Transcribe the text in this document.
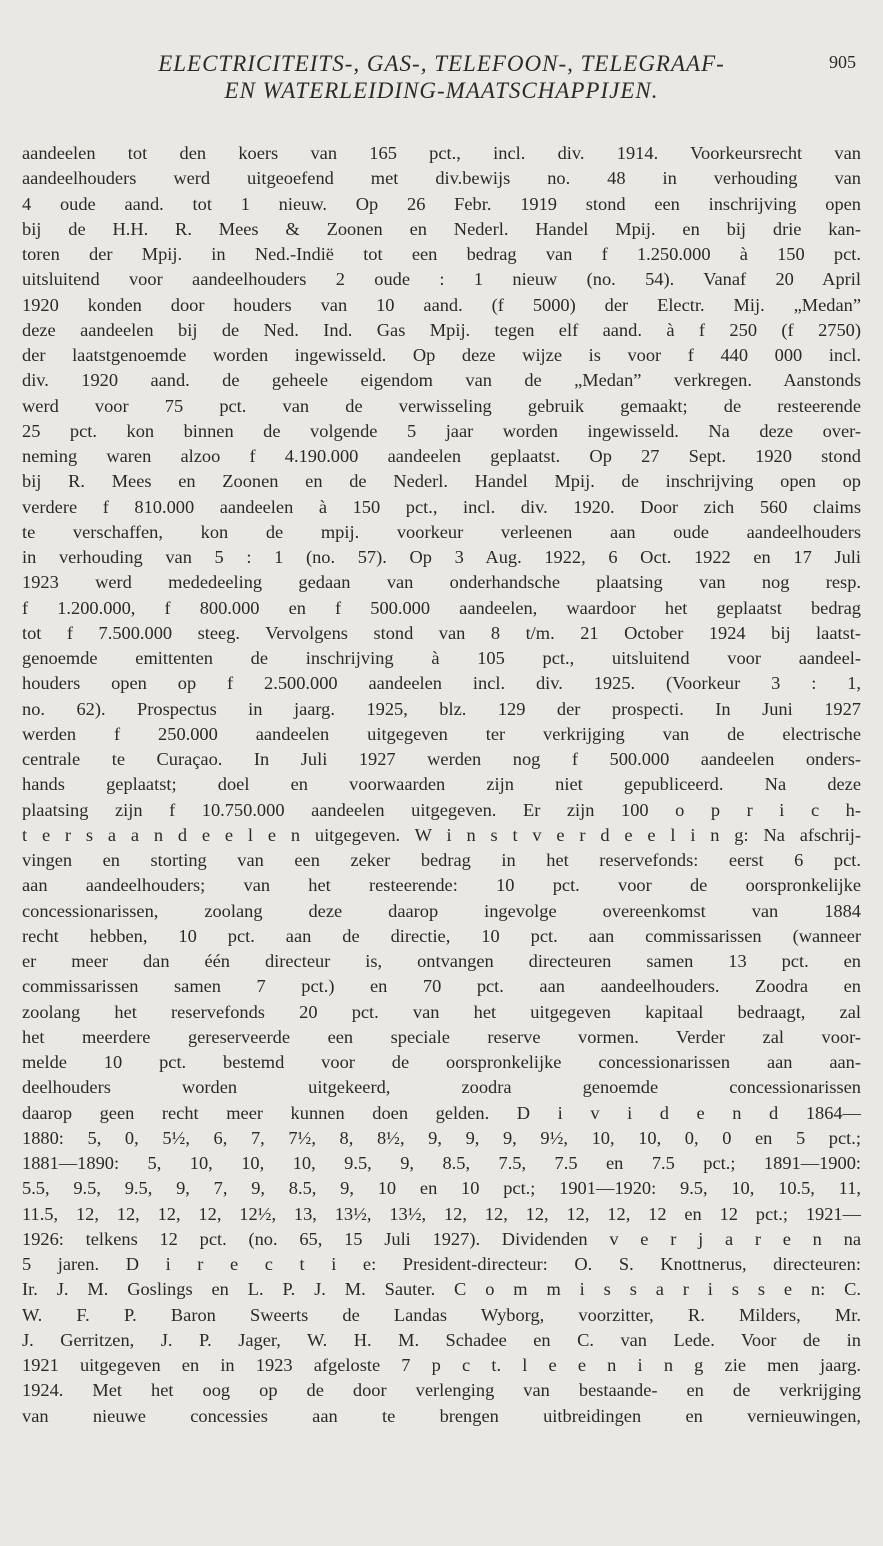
ELECTRICITEITS-, GAS-, TELEFOON-, TELEGRAAF-
EN WATERLEIDING-MAATSCHAPPIJEN.
905
aandeelen tot den koers van 165 pct., incl. div. 1914. Voorkeursrecht van
aandeelhouders werd uitgeoefend met div.bewijs no. 48 in verhouding van
4 oude aand. tot 1 nieuw. Op 26 Febr. 1919 stond een inschrijving open
bij de H.H. R. Mees & Zoonen en Nederl. Handel Mpij. en bij drie kan-
toren der Mpij. in Ned.-Indië tot een bedrag van f 1.250.000 à 150 pct.
uitsluitend voor aandeelhouders 2 oude : 1 nieuw (no. 54). Vanaf 20 April
1920 konden door houders van 10 aand. (f 5000) der Electr. Mij. „Medan”
deze aandeelen bij de Ned. Ind. Gas Mpij. tegen elf aand. à f 250 (f 2750)
der laatstgenoemde worden ingewisseld. Op deze wijze is voor f 440 000 incl.
div. 1920 aand. de geheele eigendom van de „Medan” verkregen. Aanstonds
werd voor 75 pct. van de verwisseling gebruik gemaakt; de resteerende
25 pct. kon binnen de volgende 5 jaar worden ingewisseld. Na deze over-
neming waren alzoo f 4.190.000 aandeelen geplaatst. Op 27 Sept. 1920 stond
bij R. Mees en Zoonen en de Nederl. Handel Mpij. de inschrijving open op
verdere f 810.000 aandeelen à 150 pct., incl. div. 1920. Door zich 560 claims
te verschaffen, kon de mpij. voorkeur verleenen aan oude aandeelhouders
in verhouding van 5 : 1 (no. 57). Op 3 Aug. 1922, 6 Oct. 1922 en 17 Juli
1923 werd mededeeling gedaan van onderhandsche plaatsing van nog resp.
f 1.200.000, f 800.000 en f 500.000 aandeelen, waardoor het geplaatst bedrag
tot f 7.500.000 steeg. Vervolgens stond van 8 t/m. 21 October 1924 bij laatst-
genoemde emittenten de inschrijving à 105 pct., uitsluitend voor aandeel-
houders open op f 2.500.000 aandeelen incl. div. 1925. (Voorkeur 3 : 1,
no. 62). Prospectus in jaarg. 1925, blz. 129 der prospecti. In Juni 1927
werden f 250.000 aandeelen uitgegeven ter verkrijging van de electrische
centrale te Curaçao. In Juli 1927 werden nog f 500.000 aandeelen onders-
hands geplaatst; doel en voorwaarden zijn niet gepubliceerd. Na deze
plaatsing zijn f 10.750.000 aandeelen uitgegeven. Er zijn 100 o p r i c h-
t e r s a a n d e e l e n uitgegeven. W i n s t v e r d e e l i n g: Na afschrij-
vingen en storting van een zeker bedrag in het reservefonds: eerst 6 pct.
aan aandeelhouders; van het resteerende: 10 pct. voor de oorspronkelijke
concessionarissen, zoolang deze daarop ingevolge overeenkomst van 1884
recht hebben, 10 pct. aan de directie, 10 pct. aan commissarissen (wanneer
er meer dan één directeur is, ontvangen directeuren samen 13 pct. en
commissarissen samen 7 pct.) en 70 pct. aan aandeelhouders. Zoodra en
zoolang het reservefonds 20 pct. van het uitgegeven kapitaal bedraagt, zal
het meerdere gereserveerde een speciale reserve vormen. Verder zal voor-
melde 10 pct. bestemd voor de oorspronkelijke concessionarissen aan aan-
deelhouders worden uitgekeerd, zoodra genoemde concessionarissen
daarop geen recht meer kunnen doen gelden. D i v i d e n d 1864—
1880: 5, 0, 5½, 6, 7, 7½, 8, 8½, 9, 9, 9, 9½, 10, 10, 0, 0 en 5 pct.;
1881—1890: 5, 10, 10, 10, 9.5, 9, 8.5, 7.5, 7.5 en 7.5 pct.; 1891—1900:
5.5, 9.5, 9.5, 9, 7, 9, 8.5, 9, 10 en 10 pct.; 1901—1920: 9.5, 10, 10.5, 11,
11.5, 12, 12, 12, 12, 12½, 13, 13½, 13½, 12, 12, 12, 12, 12, 12 en 12 pct.; 1921—
1926: telkens 12 pct. (no. 65, 15 Juli 1927). Dividenden v e r j a r e n na
5 jaren. D i r e c t i e: President-directeur: O. S. Knottnerus, directeuren:
Ir. J. M. Goslings en L. P. J. M. Sauter. C o m m i s s a r i s s e n: C.
W. F. P. Baron Sweerts de Landas Wyborg, voorzitter, R. Milders, Mr.
J. Gerritzen, J. P. Jager, W. H. M. Schadee en C. van Lede. Voor de in
1921 uitgegeven en in 1923 afgeloste 7 p c t. l e e n i n g zie men jaarg.
1924. Met het oog op de door verlenging van bestaande- en de verkrijging
van nieuwe concessies aan te brengen uitbreidingen en vernieuwingen,
